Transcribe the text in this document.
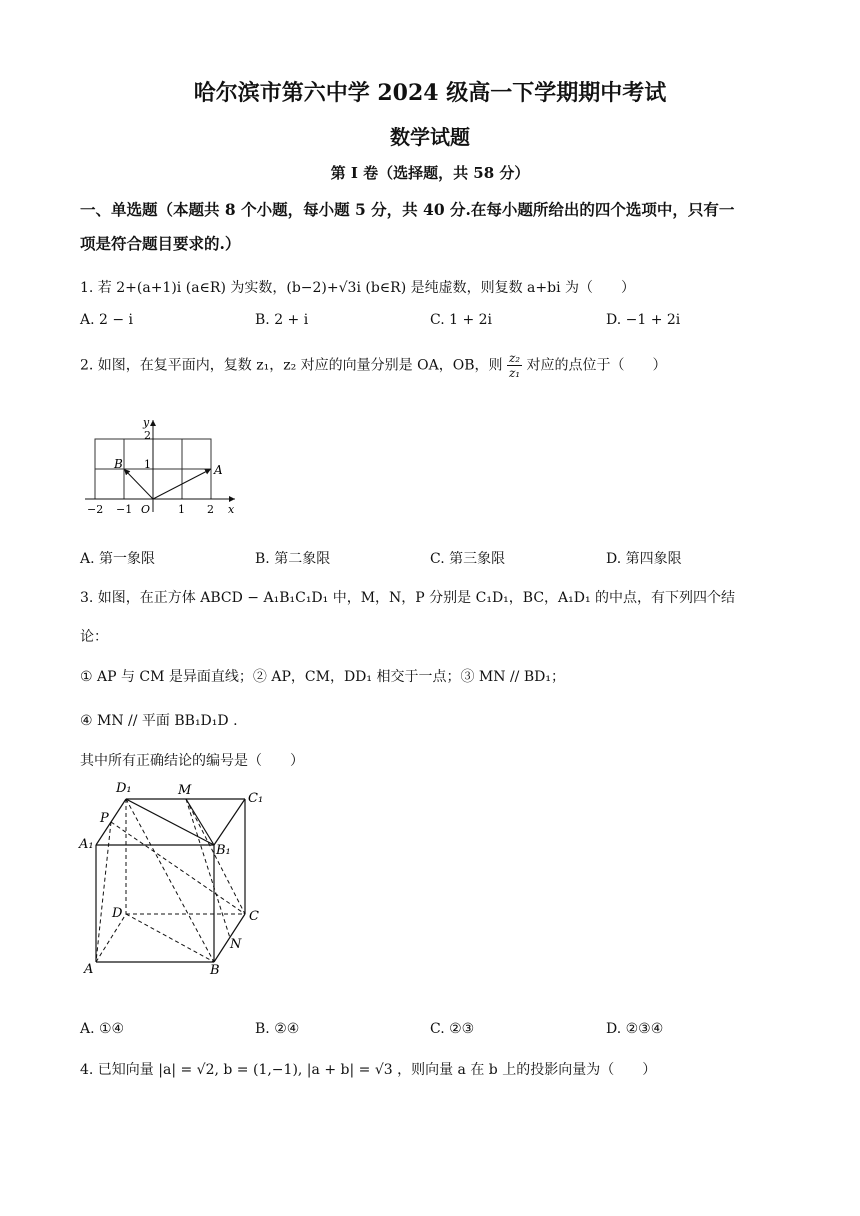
哈尔滨市第六中学 2024 级高一下学期期中考试
数学试题
第 I 卷（选择题，共 58 分）
一、单选题（本题共 8 个小题，每小题 5 分，共 40 分.在每小题所给出的四个选项中，只有一
项是符合题目要求的.）
1. 若 2+(a+1)i (a∈R) 为实数，(b−2)+√3i (b∈R) 是纯虚数，则复数 a+bi 为（　　）
A. 2 − i	B. 2 + i	C. 1 + 2i	D. −1 + 2i
2. 如图，在复平面内，复数 z₁，z₂ 对应的向量分别是 OA，OB，则 $\frac{\text{z₂}}{\text{z₁}}$ 对应的点位于（　　）
y
2
1
B	A
−2 −1 O	1 2 x
A. 第一象限	B. 第二象限	C. 第三象限	D. 第四象限
3. 如图，在正方体 ABCD − A₁B₁C₁D₁ 中，M，N，P 分别是 C₁D₁，BC，A₁D₁ 的中点，有下列四个结
论：
① AP 与 CM 是异面直线；② AP，CM，DD₁ 相交于一点；③ MN // BD₁；
④ MN // 平面 BB₁D₁D .
其中所有正确结论的编号是（　　）
D₁	M
C₁
P
A₁	B₁
D	C
N
A	B
A. ①④	B. ②④	C. ②③	D. ②③④
4. 已知向量 |a| = √2, b = (1,−1), |a + b| = √3 ，则向量 a 在 b 上的投影向量为（　　）
